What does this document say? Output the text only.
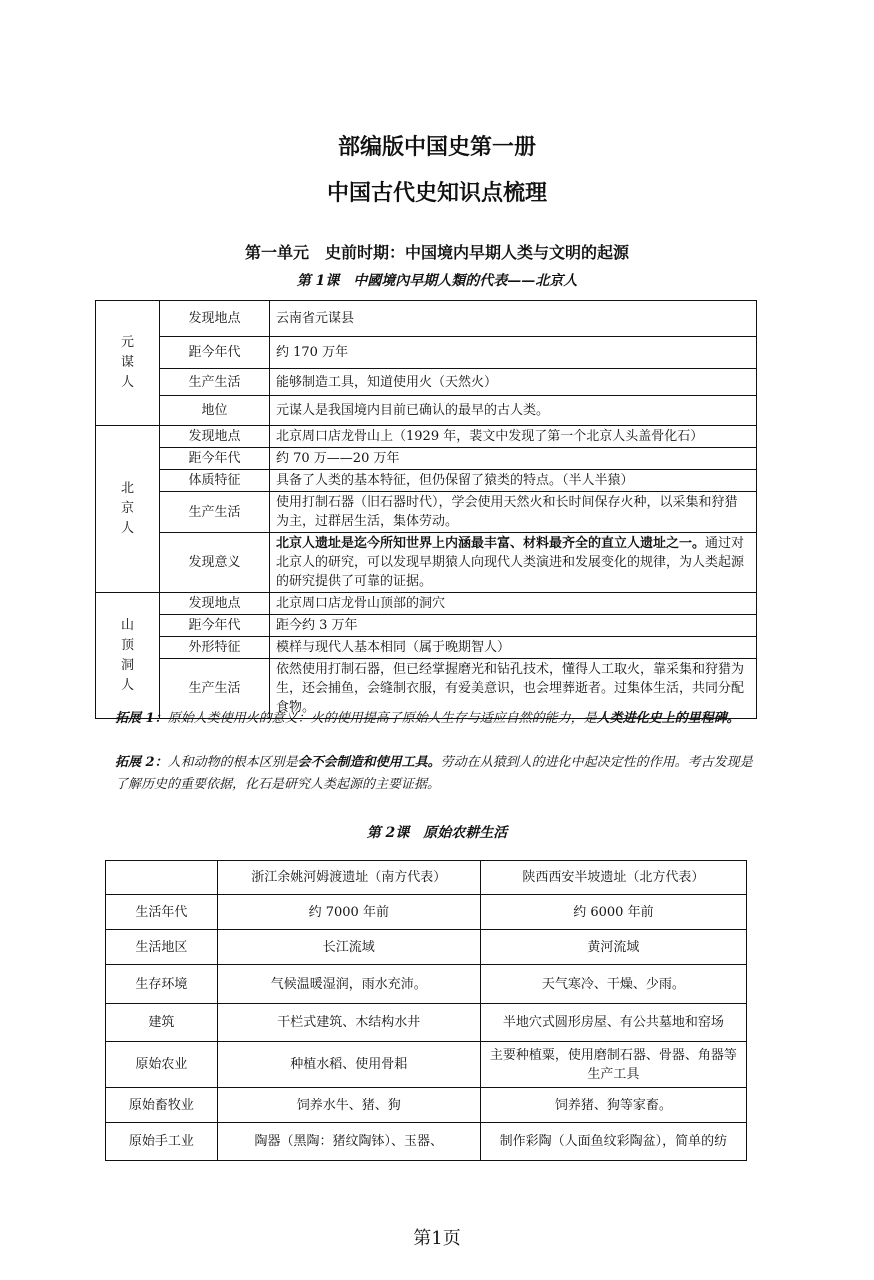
部编版中国史第一册
中国古代史知识点梳理
第一单元　史前时期：中国境内早期人类与文明的起源
第 1课　中國境內早期人類的代表——北京人
元谋人	发现地点	云南省元谋县
	距今年代	约 170 万年
	生产生活	能够制造工具，知道使用火（天然火）
	地位	元谋人是我国境内目前已确认的最早的古人类。
北京人	发现地点	北京周口店龙骨山上（1929 年，裴文中发现了第一个北京人头盖骨化石）
	距今年代	约 70 万——20 万年
	体质特征	具备了人类的基本特征，但仍保留了猿类的特点。（半人半猿）
	生产生活	使用打制石器（旧石器时代），学会使用天然火和长时间保存火种，以采集和狩猎为主，过群居生活，集体劳动。
	发现意义	北京人遗址是迄今所知世界上内涵最丰富、材料最齐全的直立人遗址之一。通过对北京人的研究，可以发现早期猿人向现代人类演进和发展变化的规律，为人类起源的研究提供了可靠的证据。
山顶洞人	发现地点	北京周口店龙骨山顶部的洞穴
	距今年代	距今约 3 万年
	外形特征	模样与现代人基本相同（属于晚期智人）
	生产生活	依然使用打制石器，但已经掌握磨光和钻孔技术，懂得人工取火，靠采集和狩猎为生，还会捕鱼，会缝制衣服，有爱美意识，也会埋葬逝者。过集体生活，共同分配食物。

拓展 1：原始人类使用火的意义：火的使用提高了原始人生存与适应自然的能力，是人类进化史上的里程碑。

拓展 2：人和动物的根本区别是会不会制造和使用工具。劳动在从猿到人的进化中起决定性的作用。考古发现是了解历史的重要依据，化石是研究人类起源的主要证据。

第 2课　原始农耕生活
	浙江余姚河姆渡遗址（南方代表）	陕西西安半坡遗址（北方代表）
生活年代	约 7000 年前	约 6000 年前
生活地区	长江流域	黄河流域
生存环境	气候温暖湿润，雨水充沛。	天气寒冷、干燥、少雨。
建筑	干栏式建筑、木结构水井	半地穴式圆形房屋、有公共墓地和窑场
原始农业	种植水稻、使用骨耜	主要种植粟，使用磨制石器、骨器、角器等生产工具
原始畜牧业	饲养水牛、猪、狗	饲养猪、狗等家畜。
原始手工业	陶器（黑陶：猪纹陶钵）、玉器、	制作彩陶（人面鱼纹彩陶盆），简单的纺
第1页
